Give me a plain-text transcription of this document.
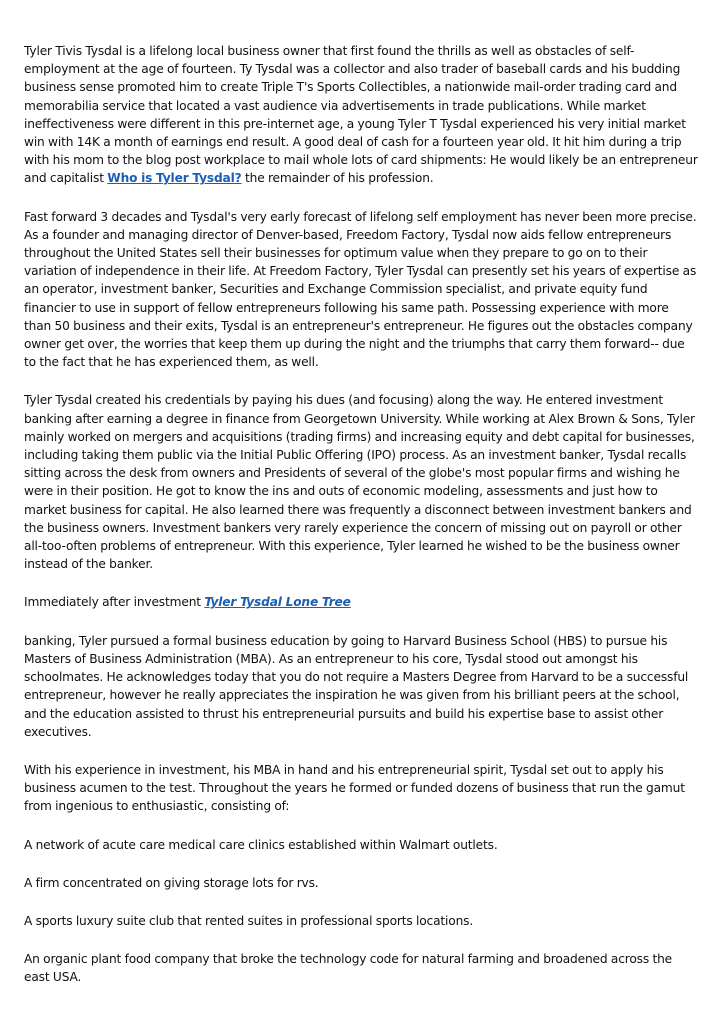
Tyler Tivis Tysdal is a lifelong local business owner that first found the thrills as well as obstacles of self-employment at the age of fourteen. Ty Tysdal was a collector and also trader of baseball cards and his budding business sense promoted him to create Triple T's Sports Collectibles, a nationwide mail-order trading card and memorabilia service that located a vast audience via advertisements in trade publications. While market ineffectiveness were different in this pre-internet age, a young Tyler T Tysdal experienced his very initial market win with 14K a month of earnings end result. A good deal of cash for a fourteen year old. It hit him during a trip with his mom to the blog post workplace to mail whole lots of card shipments: He would likely be an entrepreneur and capitalist Who is Tyler Tysdal? the remainder of his profession.

Fast forward 3 decades and Tysdal's very early forecast of lifelong self employment has never been more precise. As a founder and managing director of Denver-based, Freedom Factory, Tysdal now aids fellow entrepreneurs throughout the United States sell their businesses for optimum value when they prepare to go on to their variation of independence in their life. At Freedom Factory, Tyler Tysdal can presently set his years of expertise as an operator, investment banker, Securities and Exchange Commission specialist, and private equity fund financier to use in support of fellow entrepreneurs following his same path. Possessing experience with more than 50 business and their exits, Tysdal is an entrepreneur's entrepreneur. He figures out the obstacles company owner get over, the worries that keep them up during the night and the triumphs that carry them forward-- due to the fact that he has experienced them, as well.

Tyler Tysdal created his credentials by paying his dues (and focusing) along the way. He entered investment banking after earning a degree in finance from Georgetown University. While working at Alex Brown & Sons, Tyler mainly worked on mergers and acquisitions (trading firms) and increasing equity and debt capital for businesses, including taking them public via the Initial Public Offering (IPO) process. As an investment banker, Tysdal recalls sitting across the desk from owners and Presidents of several of the globe's most popular firms and wishing he were in their position. He got to know the ins and outs of economic modeling, assessments and just how to market business for capital. He also learned there was frequently a disconnect between investment bankers and the business owners. Investment bankers very rarely experience the concern of missing out on payroll or other all-too-often problems of entrepreneur. With this experience, Tyler learned he wished to be the business owner instead of the banker.

Immediately after investment Tyler Tysdal Lone Tree

banking, Tyler pursued a formal business education by going to Harvard Business School (HBS) to pursue his Masters of Business Administration (MBA). As an entrepreneur to his core, Tysdal stood out amongst his schoolmates. He acknowledges today that you do not require a Masters Degree from Harvard to be a successful entrepreneur, however he really appreciates the inspiration he was given from his brilliant peers at the school, and the education assisted to thrust his entrepreneurial pursuits and build his expertise base to assist other executives.

With his experience in investment, his MBA in hand and his entrepreneurial spirit, Tysdal set out to apply his business acumen to the test. Throughout the years he formed or funded dozens of business that run the gamut from ingenious to enthusiastic, consisting of:

A network of acute care medical care clinics established within Walmart outlets.

A firm concentrated on giving storage lots for rvs.

A sports luxury suite club that rented suites in professional sports locations.

An organic plant food company that broke the technology code for natural farming and broadened across the east USA.
